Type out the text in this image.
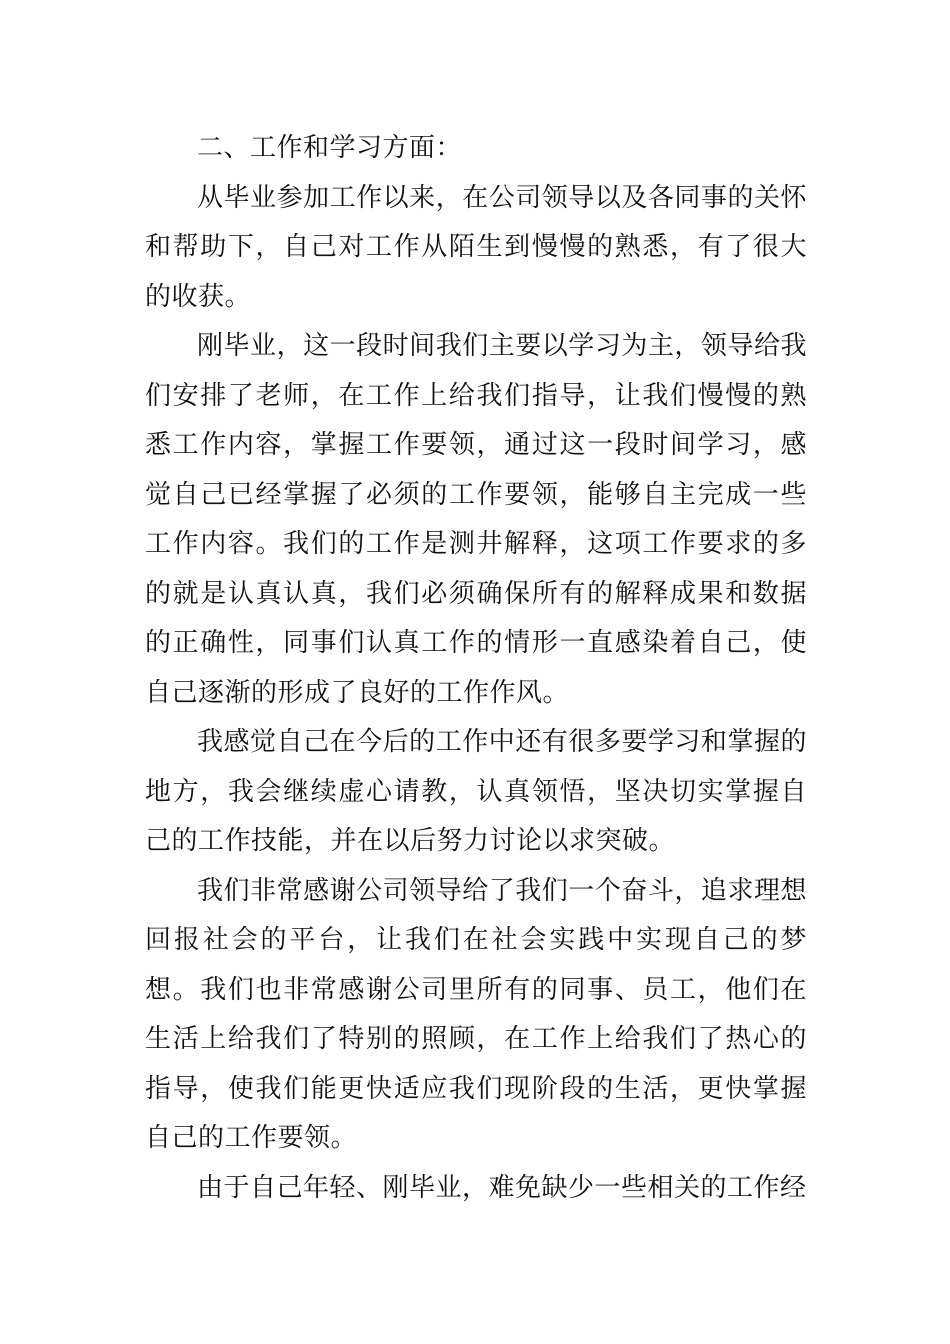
二、工作和学习方面：

从毕业参加工作以来，在公司领导以及各同事的关怀和帮助下，自己对工作从陌生到慢慢的熟悉，有了很大的收获。

刚毕业，这一段时间我们主要以学习为主，领导给我们安排了老师，在工作上给我们指导，让我们慢慢的熟悉工作内容，掌握工作要领，通过这一段时间学习，感觉自己已经掌握了必须的工作要领，能够自主完成一些工作内容。我们的工作是测井解释，这项工作要求的多的就是认真认真，我们必须确保所有的解释成果和数据的正确性，同事们认真工作的情形一直感染着自己，使自己逐渐的形成了良好的工作作风。

我感觉自己在今后的工作中还有很多要学习和掌握的地方，我会继续虚心请教，认真领悟，坚决切实掌握自己的工作技能，并在以后努力讨论以求突破。

我们非常感谢公司领导给了我们一个奋斗，追求理想回报社会的平台，让我们在社会实践中实现自己的梦想。我们也非常感谢公司里所有的同事、员工，他们在生活上给我们了特别的照顾，在工作上给我们了热心的指导，使我们能更快适应我们现阶段的生活，更快掌握自己的工作要领。

由于自己年轻、刚毕业，难免缺少一些相关的工作经
